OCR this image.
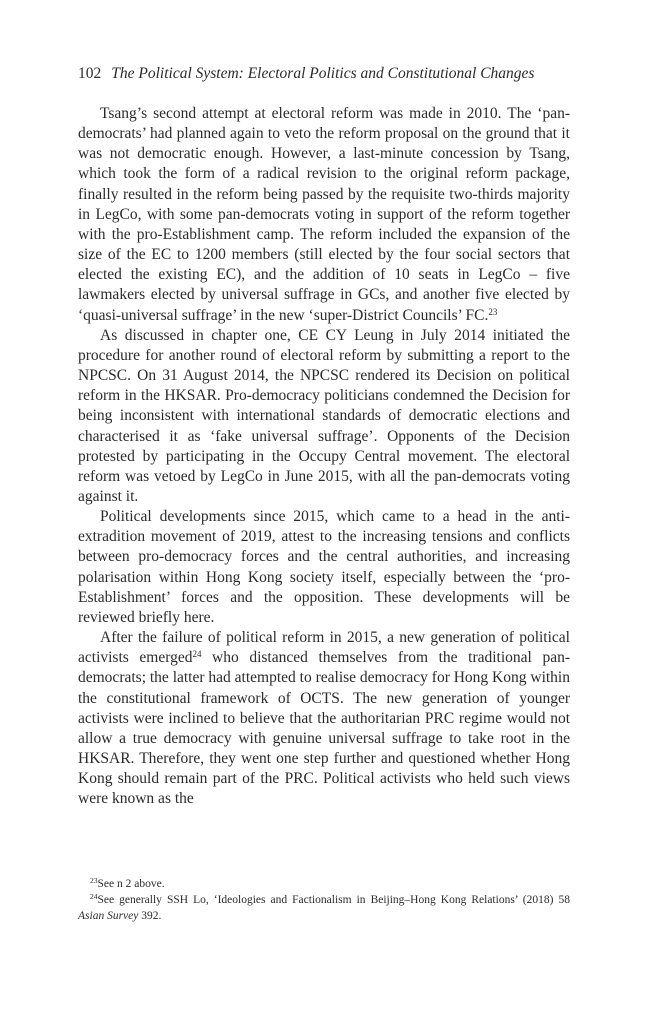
102 The Political System: Electoral Politics and Constitutional Changes

Tsang’s second attempt at electoral reform was made in 2010. The ‘pan-democrats’ had planned again to veto the reform proposal on the ground that it was not democratic enough. However, a last-minute concession by Tsang, which took the form of a radical revision to the original reform package, finally resulted in the reform being passed by the requisite two-thirds majority in LegCo, with some pan-democrats voting in support of the reform together with the pro-Establishment camp. The reform included the expansion of the size of the EC to 1200 members (still elected by the four social sectors that elected the existing EC), and the addition of 10 seats in LegCo – five lawmakers elected by universal suffrage in GCs, and another five elected by ‘quasi-universal suffrage’ in the new ‘super-District Councils’ FC.$^{23}$

As discussed in chapter one, CE CY Leung in July 2014 initiated the procedure for another round of electoral reform by submitting a report to the NPCSC. On 31 August 2014, the NPCSC rendered its Decision on political reform in the HKSAR. Pro-democracy politicians condemned the Decision for being inconsistent with international standards of democratic elections and characterised it as ‘fake universal suffrage’. Opponents of the Decision protested by participating in the Occupy Central movement. The electoral reform was vetoed by LegCo in June 2015, with all the pan-democrats voting against it.

Political developments since 2015, which came to a head in the anti-extradition movement of 2019, attest to the increasing tensions and conflicts between pro-democracy forces and the central authorities, and increasing polarisation within Hong Kong society itself, especially between the ‘pro-Establishment’ forces and the opposition. These developments will be reviewed briefly here.

After the failure of political reform in 2015, a new generation of political activists emerged$^{24}$ who distanced themselves from the traditional pan-democrats; the latter had attempted to realise democracy for Hong Kong within the constitutional framework of OCTS. The new generation of younger activists were inclined to believe that the authoritarian PRC regime would not allow a true democracy with genuine universal suffrage to take root in the HKSAR. Therefore, they went one step further and questioned whether Hong Kong should remain part of the PRC. Political activists who held such views were known as the

$^{23}$See n 2 above.

$^{24}$See generally SSH Lo, ‘Ideologies and Factionalism in Beijing–Hong Kong Relations’ (2018) 58 Asian Survey 392.
